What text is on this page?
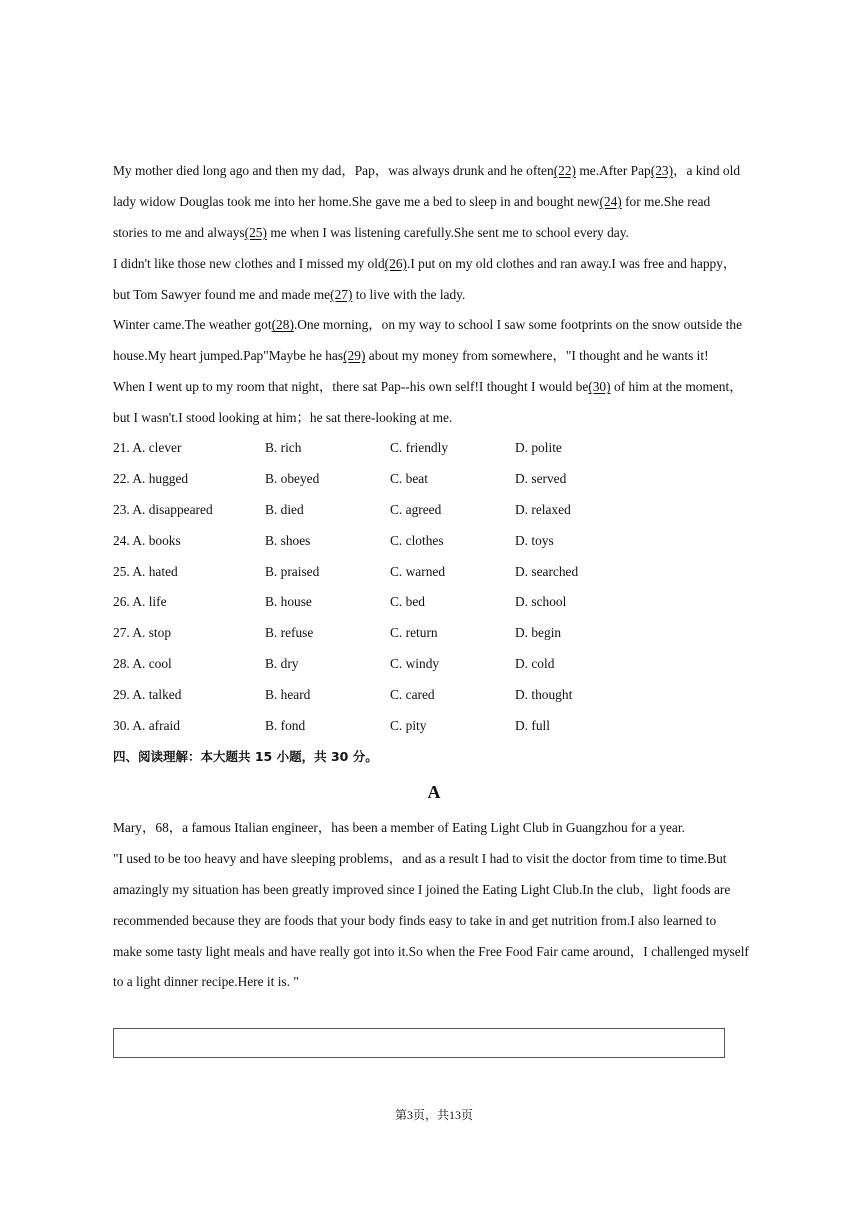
My mother died long ago and then my dad，Pap，was always drunk and he often(22) me.After Pap(23)，a kind old
lady widow Douglas took me into her home.She gave me a bed to sleep in and bought new(24) for me.She read
stories to me and always(25) me when I was listening carefully.She sent me to school every day.
I didn't like those new clothes and I missed my old(26).I put on my old clothes and ran away.I was free and happy，
but Tom Sawyer found me and made me(27) to live with the lady.
Winter came.The weather got(28).One morning，on my way to school I saw some footprints on the snow outside the
house.My heart jumped.Pap"Maybe he has(29) about my money from somewhere，"I thought and he wants it!
When I went up to my room that night，there sat Pap--his own self!I thought I would be(30) of him at the moment，
but I wasn't.I stood looking at him；he sat there-looking at me.
21. A. clever	B. rich	C. friendly	D. polite
22. A. hugged	B. obeyed	C. beat	D. served
23. A. disappeared	B. died	C. agreed	D. relaxed
24. A. books	B. shoes	C. clothes	D. toys
25. A. hated	B. praised	C. warned	D. searched
26. A. life	B. house	C. bed	D. school
27. A. stop	B. refuse	C. return	D. begin
28. A. cool	B. dry	C. windy	D. cold
29. A. talked	B. heard	C. cared	D. thought
30. A. afraid	B. fond	C. pity	D. full
四、阅读理解：本大题共 15 小题，共 30 分。
A
Mary，68，a famous Italian engineer，has been a member of Eating Light Club in Guangzhou for a year.
"I used to be too heavy and have sleeping problems，and as a result I had to visit the doctor from time to time.But
amazingly my situation has been greatly improved since I joined the Eating Light Club.In the club，light foods are
recommended because they are foods that your body finds easy to take in and get nutrition from.I also learned to
make some tasty light meals and have really got into it.So when the Free Food Fair came around，I challenged myself
to a light dinner recipe.Here it is. "
第3页，共13页
